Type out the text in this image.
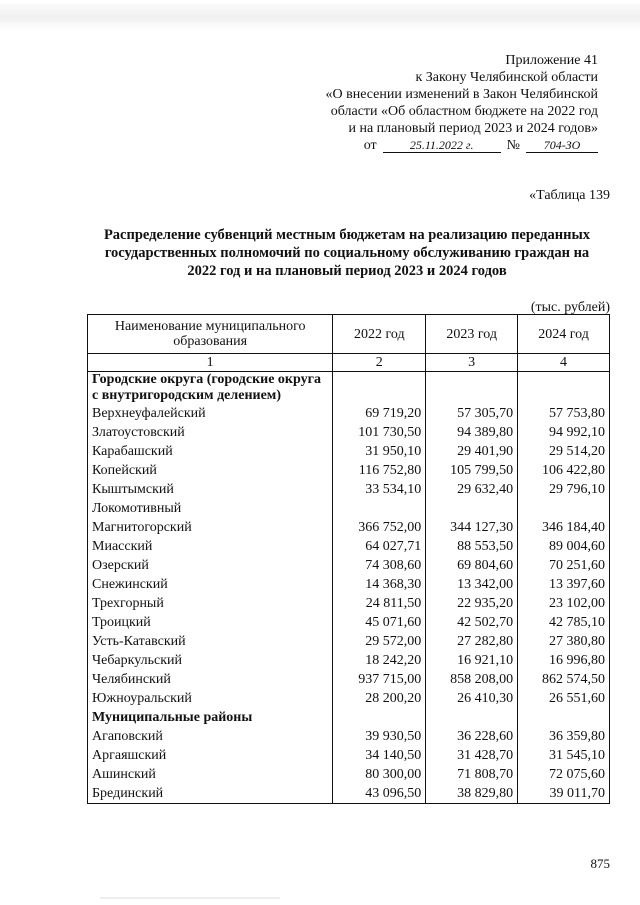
Приложение 41
к Закону Челябинской области
«О внесении изменений в Закон Челябинской
области «Об областном бюджете на 2022 год
и на плановый период 2023 и 2024 годов»
от	25.11.2022 г.	№	704-ЗО
«Таблица 139
Распределение субвенций местным бюджетам на реализацию переданных государственных полномочий по социальному обслуживанию граждан на 2022 год и на плановый период 2023 и 2024 годов
(тыс. рублей)
Наименование муниципального образования	2022 год	2023 год	2024 год
1	2	3	4
Городские округа (городские округа с внутригородским делением)			
Верхнеуфалейский	69 719,20	57 305,70	57 753,80
Златоустовский	101 730,50	94 389,80	94 992,10
Карабашский	31 950,10	29 401,90	29 514,20
Копейский	116 752,80	105 799,50	106 422,80
Кыштымский	33 534,10	29 632,40	29 796,10
Локомотивный			
Магнитогорский	366 752,00	344 127,30	346 184,40
Миасский	64 027,71	88 553,50	89 004,60
Озерский	74 308,60	69 804,60	70 251,60
Снежинский	14 368,30	13 342,00	13 397,60
Трехгорный	24 811,50	22 935,20	23 102,00
Троицкий	45 071,60	42 502,70	42 785,10
Усть-Катавский	29 572,00	27 282,80	27 380,80
Чебаркульский	18 242,20	16 921,10	16 996,80
Челябинский	937 715,00	858 208,00	862 574,50
Южноуральский	28 200,20	26 410,30	26 551,60
Муниципальные районы			
Агаповский	39 930,50	36 228,60	36 359,80
Аргаяшский	34 140,50	31 428,70	31 545,10
Ашинский	80 300,00	71 808,70	72 075,60
Брединский	43 096,50	38 829,80	39 011,70
875
